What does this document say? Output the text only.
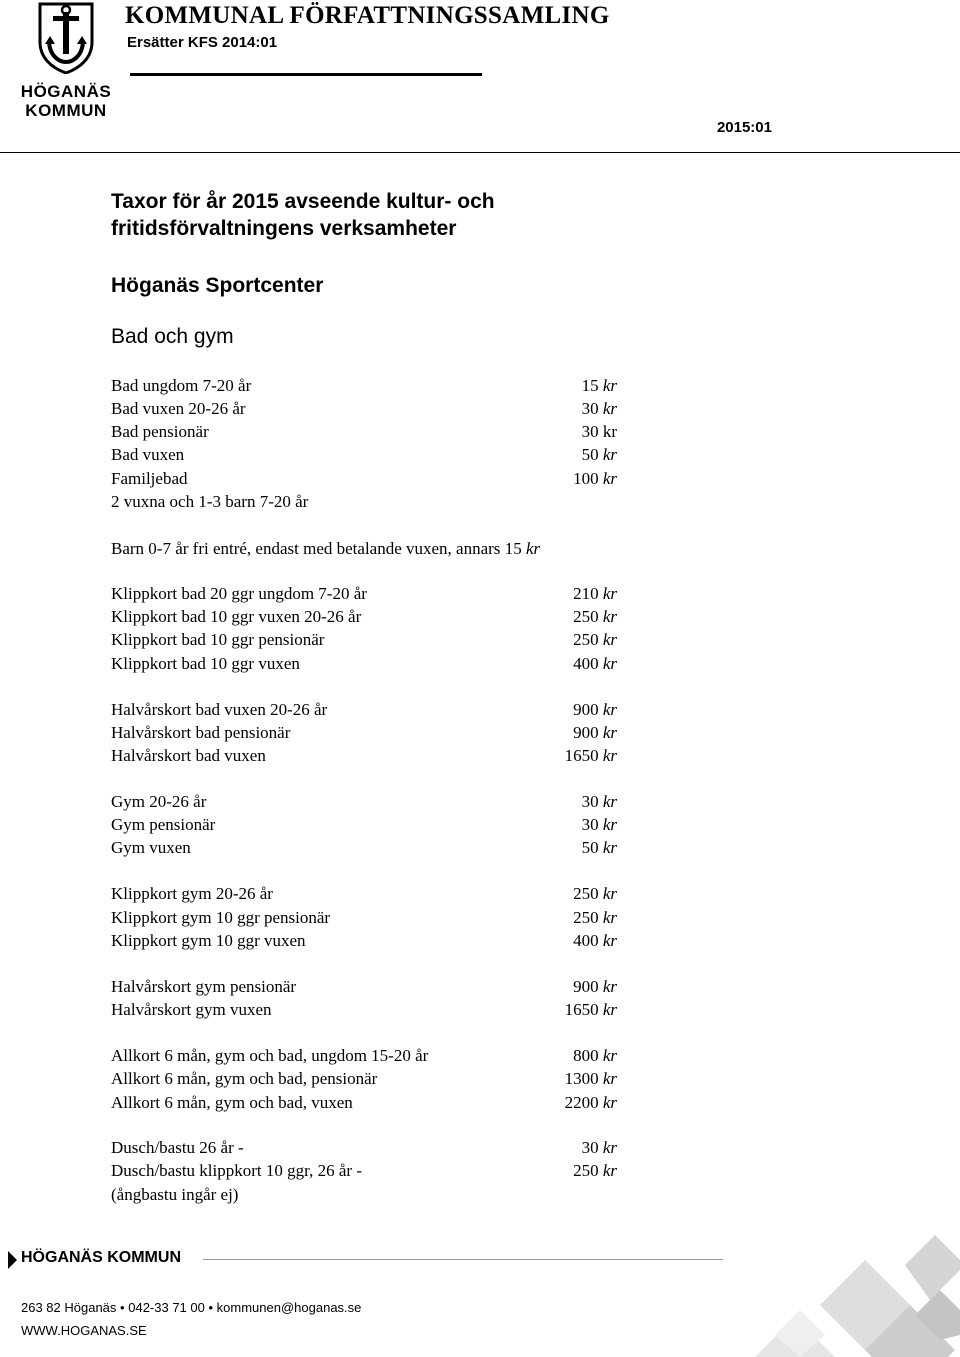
HÖGANÄS
KOMMUN
KOMMUNAL FÖRFATTNINGSSAMLING
Ersätter KFS 2014:01
2015:01
Taxor för år 2015 avseende kultur- och
fritidsförvaltningens verksamheter
Höganäs Sportcenter
Bad och gym
Bad ungdom 7-20 år	15 kr
Bad vuxen 20-26 år	30 kr
Bad pensionär	30 kr
Bad vuxen	50 kr
Familjebad	100 kr
2 vuxna och 1-3 barn 7-20 år
Barn 0-7 år fri entré, endast med betalande vuxen, annars 15 kr
Klippkort bad 20 ggr ungdom 7-20 år	210 kr
Klippkort bad 10 ggr vuxen 20-26 år	250 kr
Klippkort bad 10 ggr pensionär	250 kr
Klippkort bad 10 ggr vuxen	400 kr
Halvårskort bad vuxen 20-26 år	900 kr
Halvårskort bad pensionär	900 kr
Halvårskort bad vuxen	1650 kr
Gym 20-26 år	30 kr
Gym pensionär	30 kr
Gym vuxen	50 kr
Klippkort gym 20-26 år	250 kr
Klippkort gym 10 ggr pensionär	250 kr
Klippkort gym 10 ggr vuxen	400 kr
Halvårskort gym pensionär	900 kr
Halvårskort gym vuxen	1650 kr
Allkort 6 mån, gym och bad, ungdom 15-20 år	800 kr
Allkort 6 mån, gym och bad, pensionär	1300 kr
Allkort 6 mån, gym och bad, vuxen	2200 kr
Dusch/bastu 26 år -	30 kr
Dusch/bastu klippkort 10 ggr, 26 år -	250 kr
(ångbastu ingår ej)
HÖGANÄS KOMMUN
263 82 Höganäs • 042-33 71 00 • kommunen@hoganas.se
WWW.HOGANAS.SE
